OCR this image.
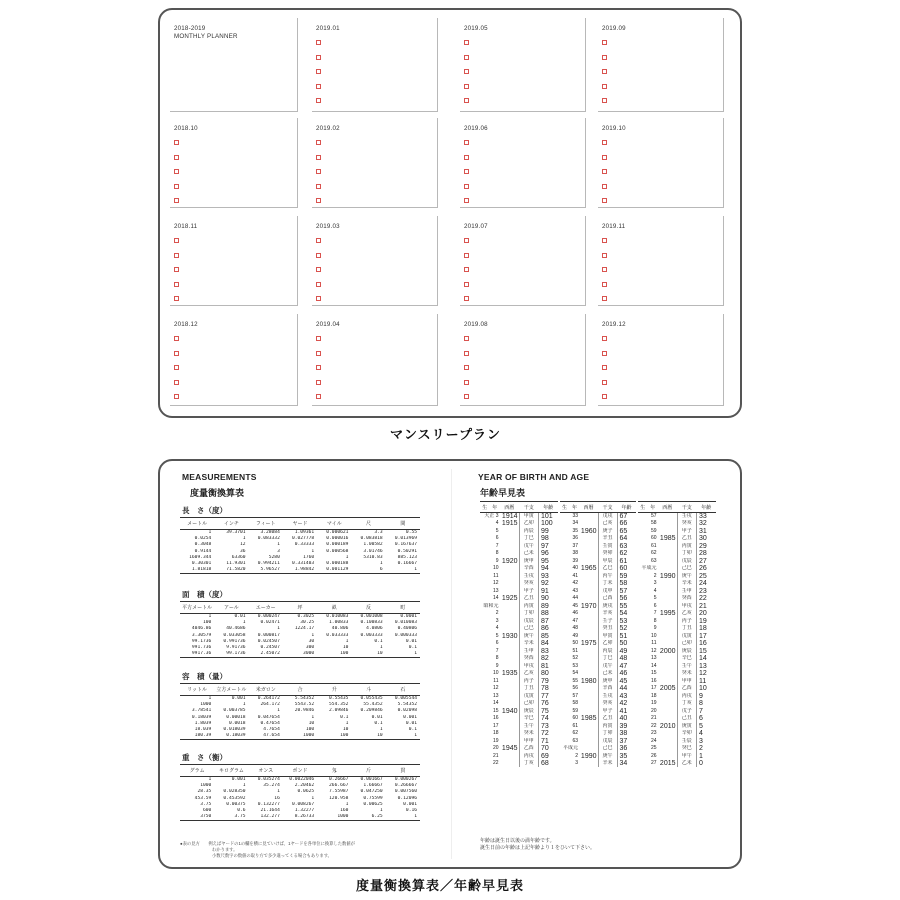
2018-2019
MONTHLY PLANNER
2019.01	2019.05	2019.09
2018.10	2019.02	2019.06	2019.10
2018.11	2019.03	2019.07	2019.11
2018.12	2019.04	2019.08	2019.12
マンスリープラン
MEASUREMENTS
度量衡換算表
長　さ（度）
メートル	インチ	フィート	ヤード	マイル	尺	間
1	39.3701	3.28084	1.09361	0.000621	3.3	0.55
0.0254	1	0.083332	0.027778	0.000016	0.083818	0.013969
0.3048	12	1	0.33333	0.000189	1.00582	0.167637
0.9144	36	3	1	0.000568	3.01746	0.50291
1609.344	63360	5280	1760	1	5310.83	885.123
0.30301	11.9301	0.994211	0.331403	0.000188	1	0.16667
1.81818	71.5820	5.96527	1.98842	0.001129	6	1
面　積（度）
平方メートル	アール	エーカー	坪	畝	反	町
1	0.01	0.000247	0.3025	0.010083	0.001008	0.0001
100	1	0.02471	30.25	1.00833	0.100833	0.010083
4046.86	40.4686	1	1224.17	40.806	4.0806	0.40806
3.30579	0.033058	0.000817	1	0.033333	0.003333	0.000333
99.1736	0.991736	0.024507	30	1	0.1	0.01
991.736	9.91736	0.24507	300	10	1	0.1
9917.36	99.1736	2.45072	3000	100	10	1
容　積（量）
リットル	立方メートル	米ガロン	合	升	斗	石
1	0.001	0.264172	5.54352	0.55435	0.055435	0.005544
1000	1	264.172	5543.52	554.352	55.4352	5.54352
3.78541	0.003785	1	20.9846	2.09846	0.209846	0.02098
0.18039	0.00018	0.047654	1	0.1	0.01	0.001
1.8039	0.0018	0.47654	10	1	0.1	0.01
18.039	0.018039	4.7654	100	10	1	0.1
180.39	0.18039	47.654	1000	100	10	1
重　さ（衡）
グラム	キログラム	オンス	ポンド	匁	斤	貫
1	0.001	0.035274	0.0022046	0.26667	0.001667	0.000267
1000	1	35.274	2.20462	266.667	1.66667	0.266667
28.35	0.028350	1	0.0625	7.55987	0.047250	0.007560
453.59	0.453592	16	1	120.958	0.75599	0.12096
3.75	0.00375	0.132277	0.008267	1	0.00625	0.001
600	0.6	21.1644	1.32277	160	1	0.16
3750	3.75	132.277	8.26733	1000	6.25	1
●表の見方　　例えばヤードの1の欄を横に見ていけば、1ヤードを各単位に換算した数値が
わかります。
小数尺数字の数値の取り方で多少違ってくる場合もあります。
YEAR OF BIRTH AND AGE
年齢早見表
生　年	西暦	干支	年齢
大正 3	1914	甲寅	101
4	1915	乙卯	100
5		丙辰	99
6		丁巳	98
7		戊午	97
8		己未	96
9	1920	庚申	95
10		辛酉	94
11		壬戌	93
12		癸亥	92
13		甲子	91
14	1925	乙丑	90
昭和元		丙寅	89
2		丁卯	88
3		戊辰	87
4		己巳	86
5	1930	庚午	85
6		辛未	84
7		壬申	83
8		癸酉	82
9		甲戌	81
10	1935	乙亥	80
11		丙子	79
12		丁丑	78
13		戊寅	77
14		己卯	76
15	1940	庚辰	75
16		辛巳	74
17		壬午	73
18		癸未	72
19		甲申	71
20	1945	乙酉	70
21		丙戌	69
22		丁亥	68
生　年	西暦	干支	年齢
33		戊戌	67
34		己亥	66
35	1960	庚子	65
36		辛丑	64
37		壬寅	63
38		癸卯	62
39		甲辰	61
40	1965	乙巳	60
41		丙午	59
42		丁未	58
43		戊申	57
44		己酉	56
45	1970	庚戌	55
46		辛亥	54
47		壬子	53
48		癸丑	52
49		甲寅	51
50	1975	乙卯	50
51		丙辰	49
52		丁巳	48
53		戊午	47
54		己未	46
55	1980	庚申	45
56		辛酉	44
57		壬戌	43
58		癸亥	42
59		甲子	41
60	1985	乙丑	40
61		丙寅	39
62		丁卯	38
63		戊辰	37
平成元		己巳	36
2	1990	庚午	35
3		辛未	34
生　年	西暦	干支	年齢
57		壬戌	33
58		癸亥	32
59		甲子	31
60	1985	乙丑	30
61		丙寅	29
62		丁卯	28
63		戊辰	27
平成元		己巳	26
2	1990	庚午	25
3		辛未	24
4		壬申	23
5		癸酉	22
6		甲戌	21
7	1995	乙亥	20
8		丙子	19
9		丁丑	18
10		戊寅	17
11		己卯	16
12	2000	庚辰	15
13		辛巳	14
14		壬午	13
15		癸未	12
16		甲申	11
17	2005	乙酉	10
18		丙戌	9
19		丁亥	8
20		戊子	7
21		己丑	6
22	2010	庚寅	5
23		辛卯	4
24		壬辰	3
25		癸巳	2
26		甲午	1
27	2015	乙未	0
年齢は誕生日以後の満年齢です。
誕生日前の年齢は上記年齢より１をひいて下さい。
度量衡換算表／年齢早見表
